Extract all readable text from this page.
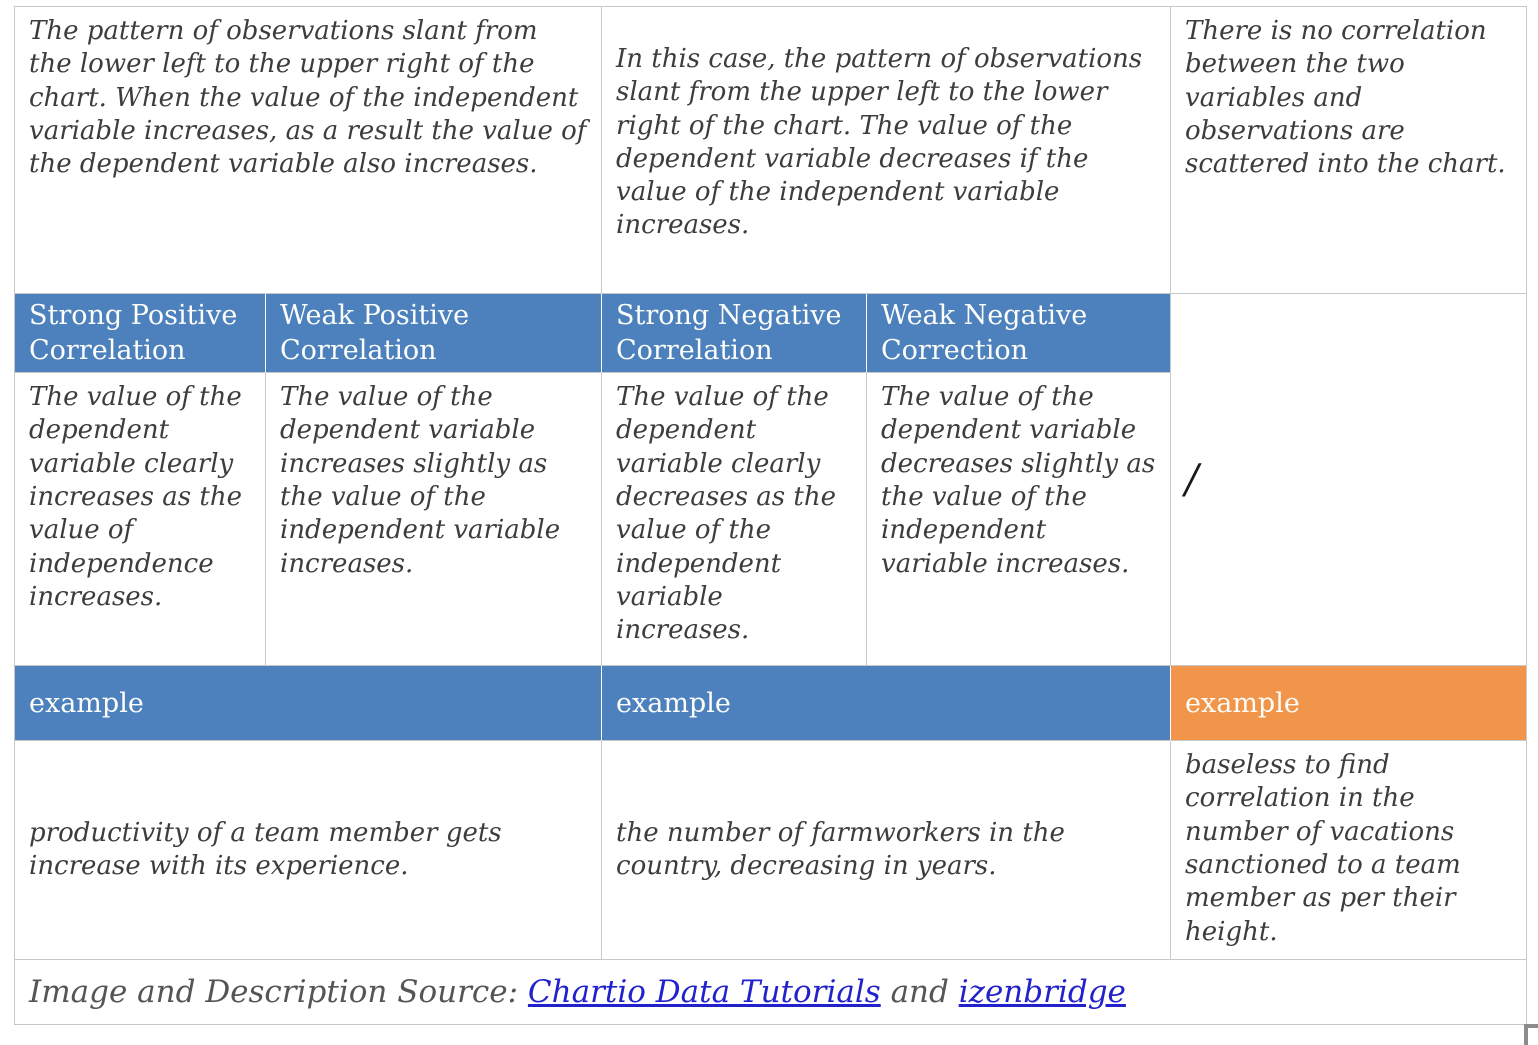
The pattern of observations slant from the lower left to the upper right of the chart. When the value of the independent variable increases, as a result the value of the dependent variable also increases.		In this case, the pattern of observations slant from the upper left to the lower right of the chart. The value of the dependent variable decreases if the value of the independent variable increases.		There is no correlation between the two variables and observations are scattered into the chart.
Strong Positive Correlation	Weak Positive Correlation	Strong Negative Correlation	Weak Negative Correction	/
The value of the dependent variable clearly increases as the value of independence increases.	The value of the dependent variable increases slightly as the value of the independent variable increases.	The value of the dependent variable clearly decreases as the value of the independent variable increases.	The value of the dependent variable decreases slightly as the value of the independent variable increases.	
example		example		example
productivity of a team member gets increase with its experience.		the number of farmworkers in the country, decreasing in years.		baseless to find correlation in the number of vacations sanctioned to a team member as per their height.
Image and Description Source: Chartio Data Tutorials and izenbridge				
